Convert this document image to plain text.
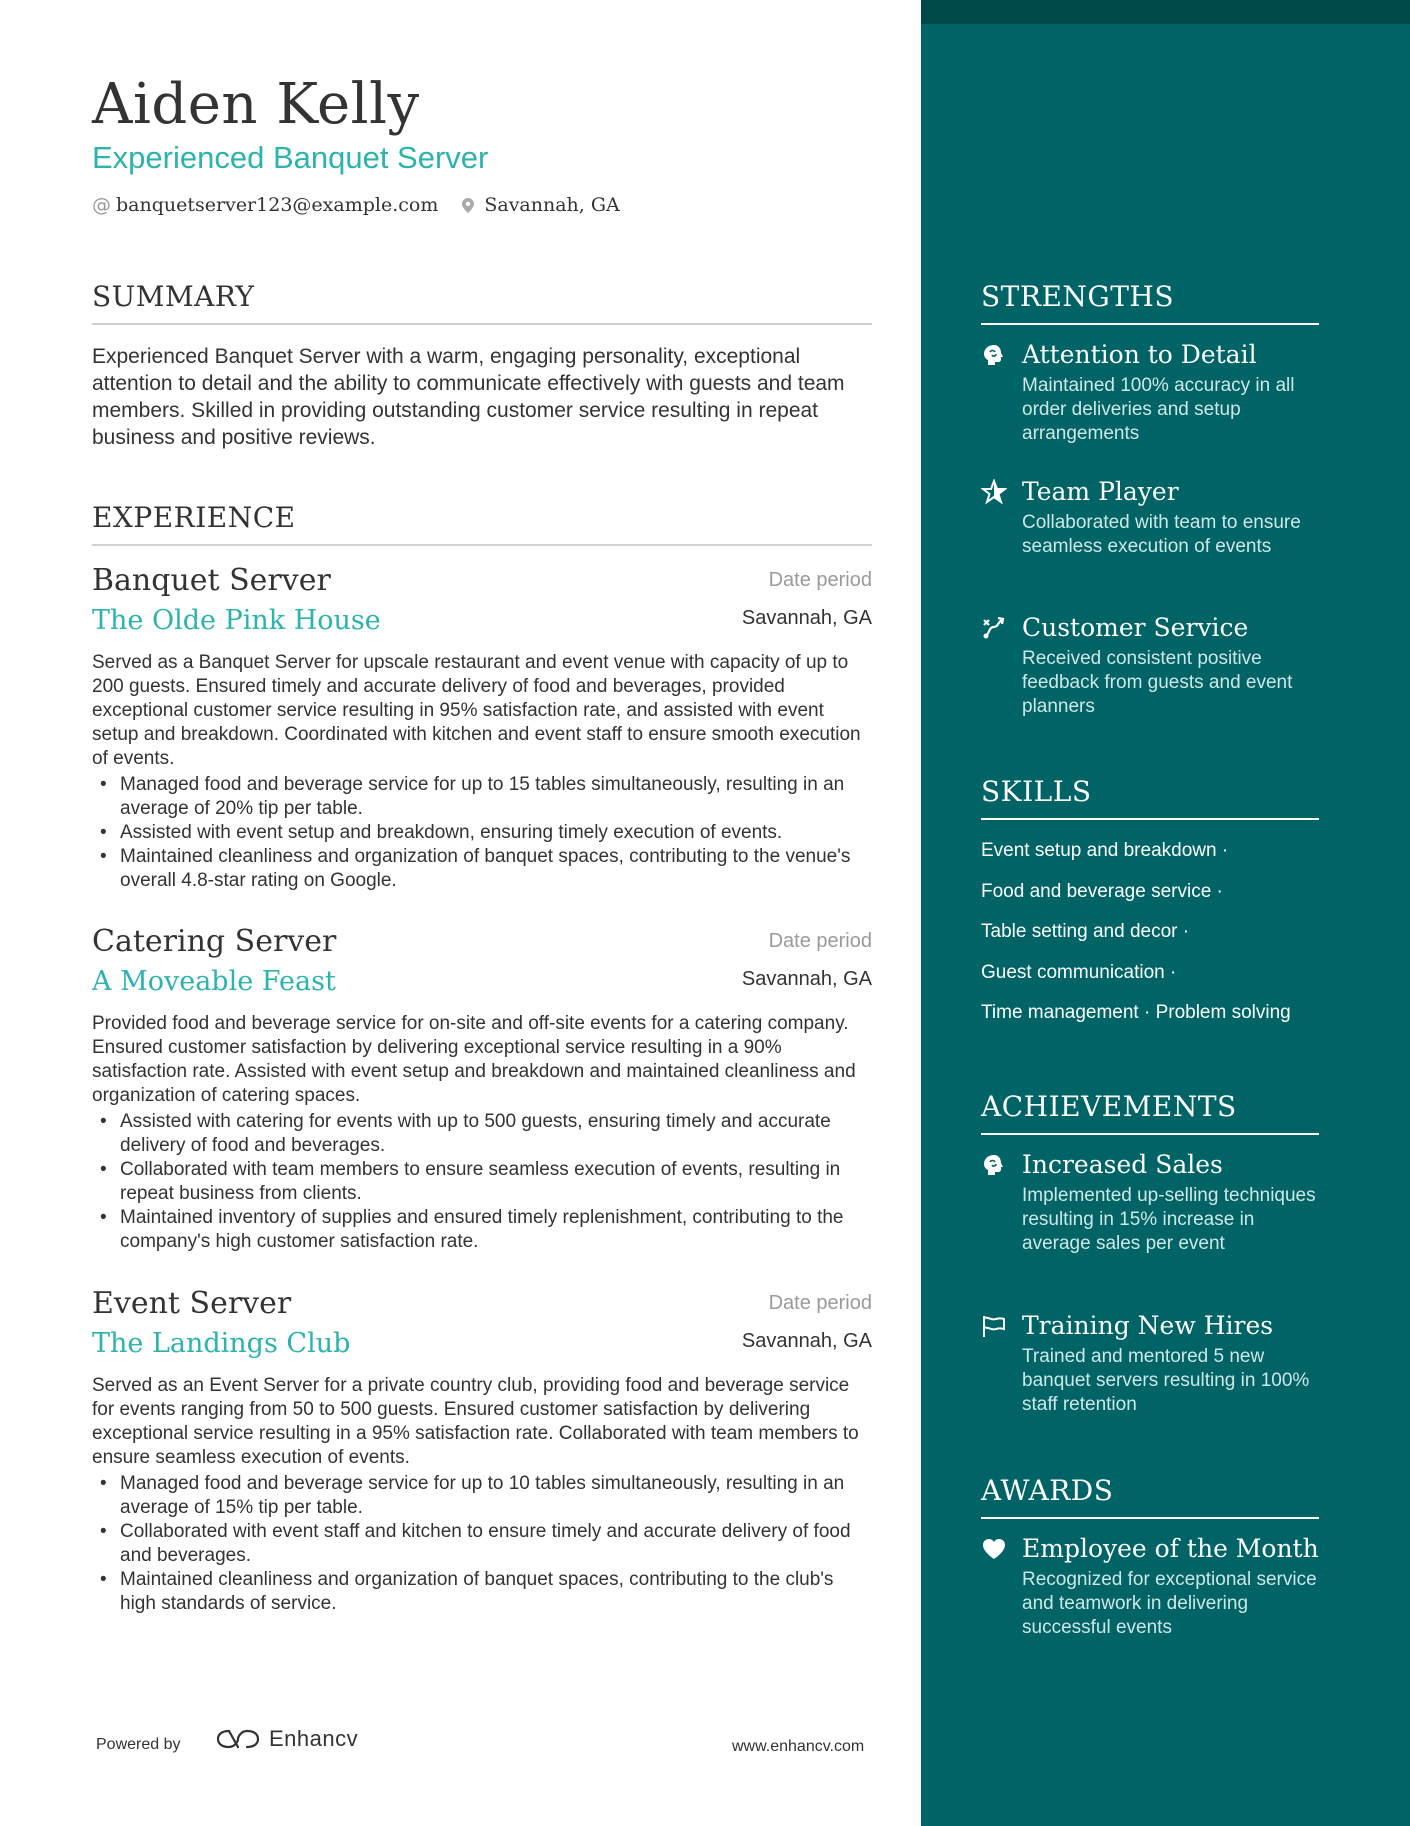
Aiden Kelly
Experienced Banquet Server
@ banquetserver123@example.com Savannah, GA
SUMMARY
Experienced Banquet Server with a warm, engaging personality, exceptional attention to detail and the ability to communicate effectively with guests and team members. Skilled in providing outstanding customer service resulting in repeat business and positive reviews.
EXPERIENCE
Banquet Server	Date period
The Olde Pink House	Savannah, GA
Served as a Banquet Server for upscale restaurant and event venue with capacity of up to 200 guests. Ensured timely and accurate delivery of food and beverages, provided exceptional customer service resulting in 95% satisfaction rate, and assisted with event setup and breakdown. Coordinated with kitchen and event staff to ensure smooth execution of events.
• Managed food and beverage service for up to 15 tables simultaneously, resulting in an average of 20% tip per table.
• Assisted with event setup and breakdown, ensuring timely execution of events.
• Maintained cleanliness and organization of banquet spaces, contributing to the venue's overall 4.8-star rating on Google.
Catering Server	Date period
A Moveable Feast	Savannah, GA
Provided food and beverage service for on-site and off-site events for a catering company. Ensured customer satisfaction by delivering exceptional service resulting in a 90% satisfaction rate. Assisted with event setup and breakdown and maintained cleanliness and organization of catering spaces.
• Assisted with catering for events with up to 500 guests, ensuring timely and accurate delivery of food and beverages.
• Collaborated with team members to ensure seamless execution of events, resulting in repeat business from clients.
• Maintained inventory of supplies and ensured timely replenishment, contributing to the company's high customer satisfaction rate.
Event Server	Date period
The Landings Club	Savannah, GA
Served as an Event Server for a private country club, providing food and beverage service for events ranging from 50 to 500 guests. Ensured customer satisfaction by delivering exceptional service resulting in a 95% satisfaction rate. Collaborated with team members to ensure seamless execution of events.
• Managed food and beverage service for up to 10 tables simultaneously, resulting in an average of 15% tip per table.
• Collaborated with event staff and kitchen to ensure timely and accurate delivery of food and beverages.
• Maintained cleanliness and organization of banquet spaces, contributing to the club's high standards of service.
Powered by	Enhancv	www.enhancv.com
STRENGTHS
Attention to Detail
Maintained 100% accuracy in all order deliveries and setup arrangements
Team Player
Collaborated with team to ensure seamless execution of events
Customer Service
Received consistent positive feedback from guests and event planners
SKILLS
Event setup and breakdown ·
Food and beverage service ·
Table setting and decor ·
Guest communication ·
Time management · Problem solving
ACHIEVEMENTS
Increased Sales
Implemented up-selling techniques resulting in 15% increase in average sales per event
Training New Hires
Trained and mentored 5 new banquet servers resulting in 100% staff retention
AWARDS
Employee of the Month
Recognized for exceptional service and teamwork in delivering successful events
